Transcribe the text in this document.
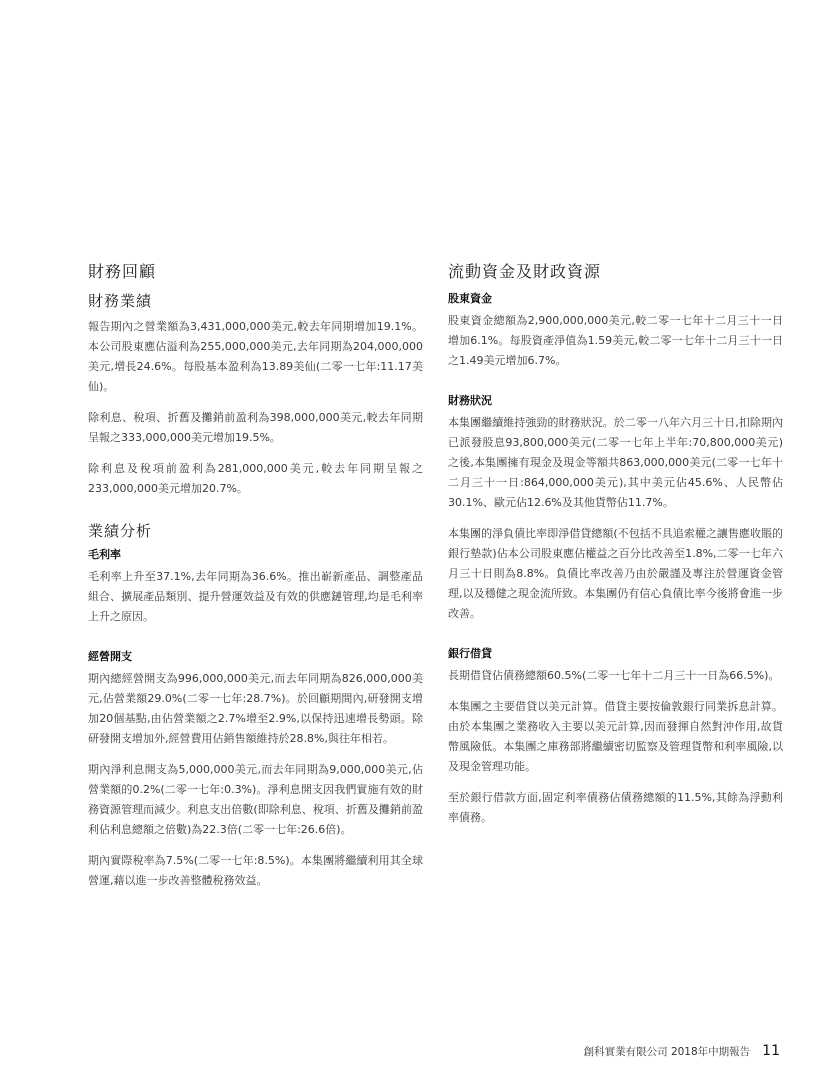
財務回顧
財務業績

報告期內之營業額為3,431,000,000美元,較去年同期增加19.1%。本公司股東應佔溢利為255,000,000美元,去年同期為204,000,000美元,增長24.6%。每股基本盈利為13.89美仙(二零一七年:11.17美仙)。

除利息、稅項、折舊及攤銷前盈利為398,000,000美元,較去年同期呈報之333,000,000美元增加19.5%。

除利息及稅項前盈利為281,000,000美元,較去年同期呈報之233,000,000美元增加20.7%。

業績分析
毛利率

毛利率上升至37.1%,去年同期為36.6%。推出嶄新產品、調整產品組合、擴展產品類別、提升營運效益及有效的供應鏈管理,均是毛利率上升之原因。

經營開支

期內總經營開支為996,000,000美元,而去年同期為826,000,000美元,佔營業額29.0%(二零一七年:28.7%)。於回顧期間內,研發開支增加20個基點,由佔營業額之2.7%增至2.9%,以保持迅速增長勢頭。除研發開支增加外,經營費用佔銷售額維持於28.8%,與往年相若。

期內淨利息開支為5,000,000美元,而去年同期為9,000,000美元,佔營業額的0.2%(二零一七年:0.3%)。淨利息開支因我們實施有效的財務資源管理而減少。利息支出倍數(即除利息、稅項、折舊及攤銷前盈利佔利息總額之倍數)為22.3倍(二零一七年:26.6倍)。

期內實際稅率為7.5%(二零一七年:8.5%)。本集團將繼續利用其全球營運,藉以進一步改善整體稅務效益。

流動資金及財政資源
股東資金

股東資金總額為2,900,000,000美元,較二零一七年十二月三十一日增加6.1%。每股資產淨值為1.59美元,較二零一七年十二月三十一日之1.49美元增加6.7%。

財務狀況

本集團繼續維持強勁的財務狀況。於二零一八年六月三十日,扣除期內已派發股息93,800,000美元(二零一七年上半年:70,800,000美元)之後,本集團擁有現金及現金等額共863,000,000美元(二零一七年十二月三十一日:864,000,000美元),其中美元佔45.6%、人民幣佔30.1%、歐元佔12.6%及其他貨幣佔11.7%。

本集團的淨負債比率即淨借貸總額(不包括不具追索權之讓售應收賬的銀行墊款)佔本公司股東應佔權益之百分比改善至1.8%,二零一七年六月三十日則為8.8%。負債比率改善乃由於嚴謹及專注於營運資金管理,以及穩健之現金流所致。本集團仍有信心負債比率今後將會進一步改善。

銀行借貸

長期借貸佔債務總額60.5%(二零一七年十二月三十一日為66.5%)。

本集團之主要借貸以美元計算。借貸主要按倫敦銀行同業拆息計算。由於本集團之業務收入主要以美元計算,因而發揮自然對沖作用,故貨幣風險低。本集團之庫務部將繼續密切監察及管理貨幣和利率風險,以及現金管理功能。

至於銀行借款方面,固定利率債務佔債務總額的11.5%,其餘為浮動利率債務。

創科實業有限公司 2018年中期報告 11
